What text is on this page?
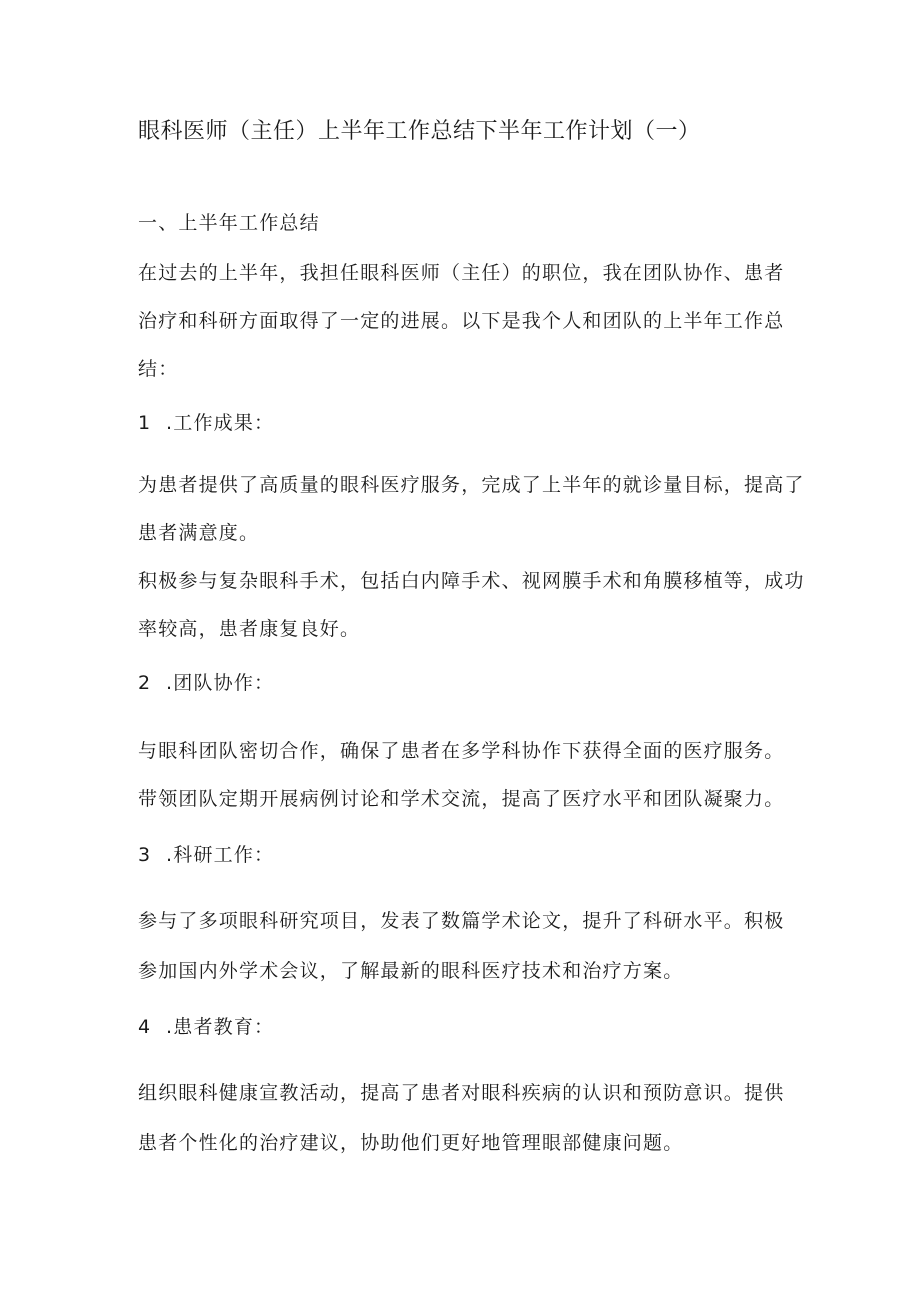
眼科医师（主任）上半年工作总结下半年工作计划（一）
一、上半年工作总结
在过去的上半年，我担任眼科医师（主任）的职位，我在团队协作、患者
治疗和科研方面取得了一定的进展。以下是我个人和团队的上半年工作总
结：
1 .工作成果：
为患者提供了高质量的眼科医疗服务，完成了上半年的就诊量目标，提高了
患者满意度。
积极参与复杂眼科手术，包括白内障手术、视网膜手术和角膜移植等，成功
率较高，患者康复良好。
2 .团队协作：
与眼科团队密切合作，确保了患者在多学科协作下获得全面的医疗服务。
带领团队定期开展病例讨论和学术交流，提高了医疗水平和团队凝聚力。
3 .科研工作：
参与了多项眼科研究项目，发表了数篇学术论文，提升了科研水平。积极
参加国内外学术会议，了解最新的眼科医疗技术和治疗方案。
4 .患者教育：
组织眼科健康宣教活动，提高了患者对眼科疾病的认识和预防意识。提供
患者个性化的治疗建议，协助他们更好地管理眼部健康问题。
